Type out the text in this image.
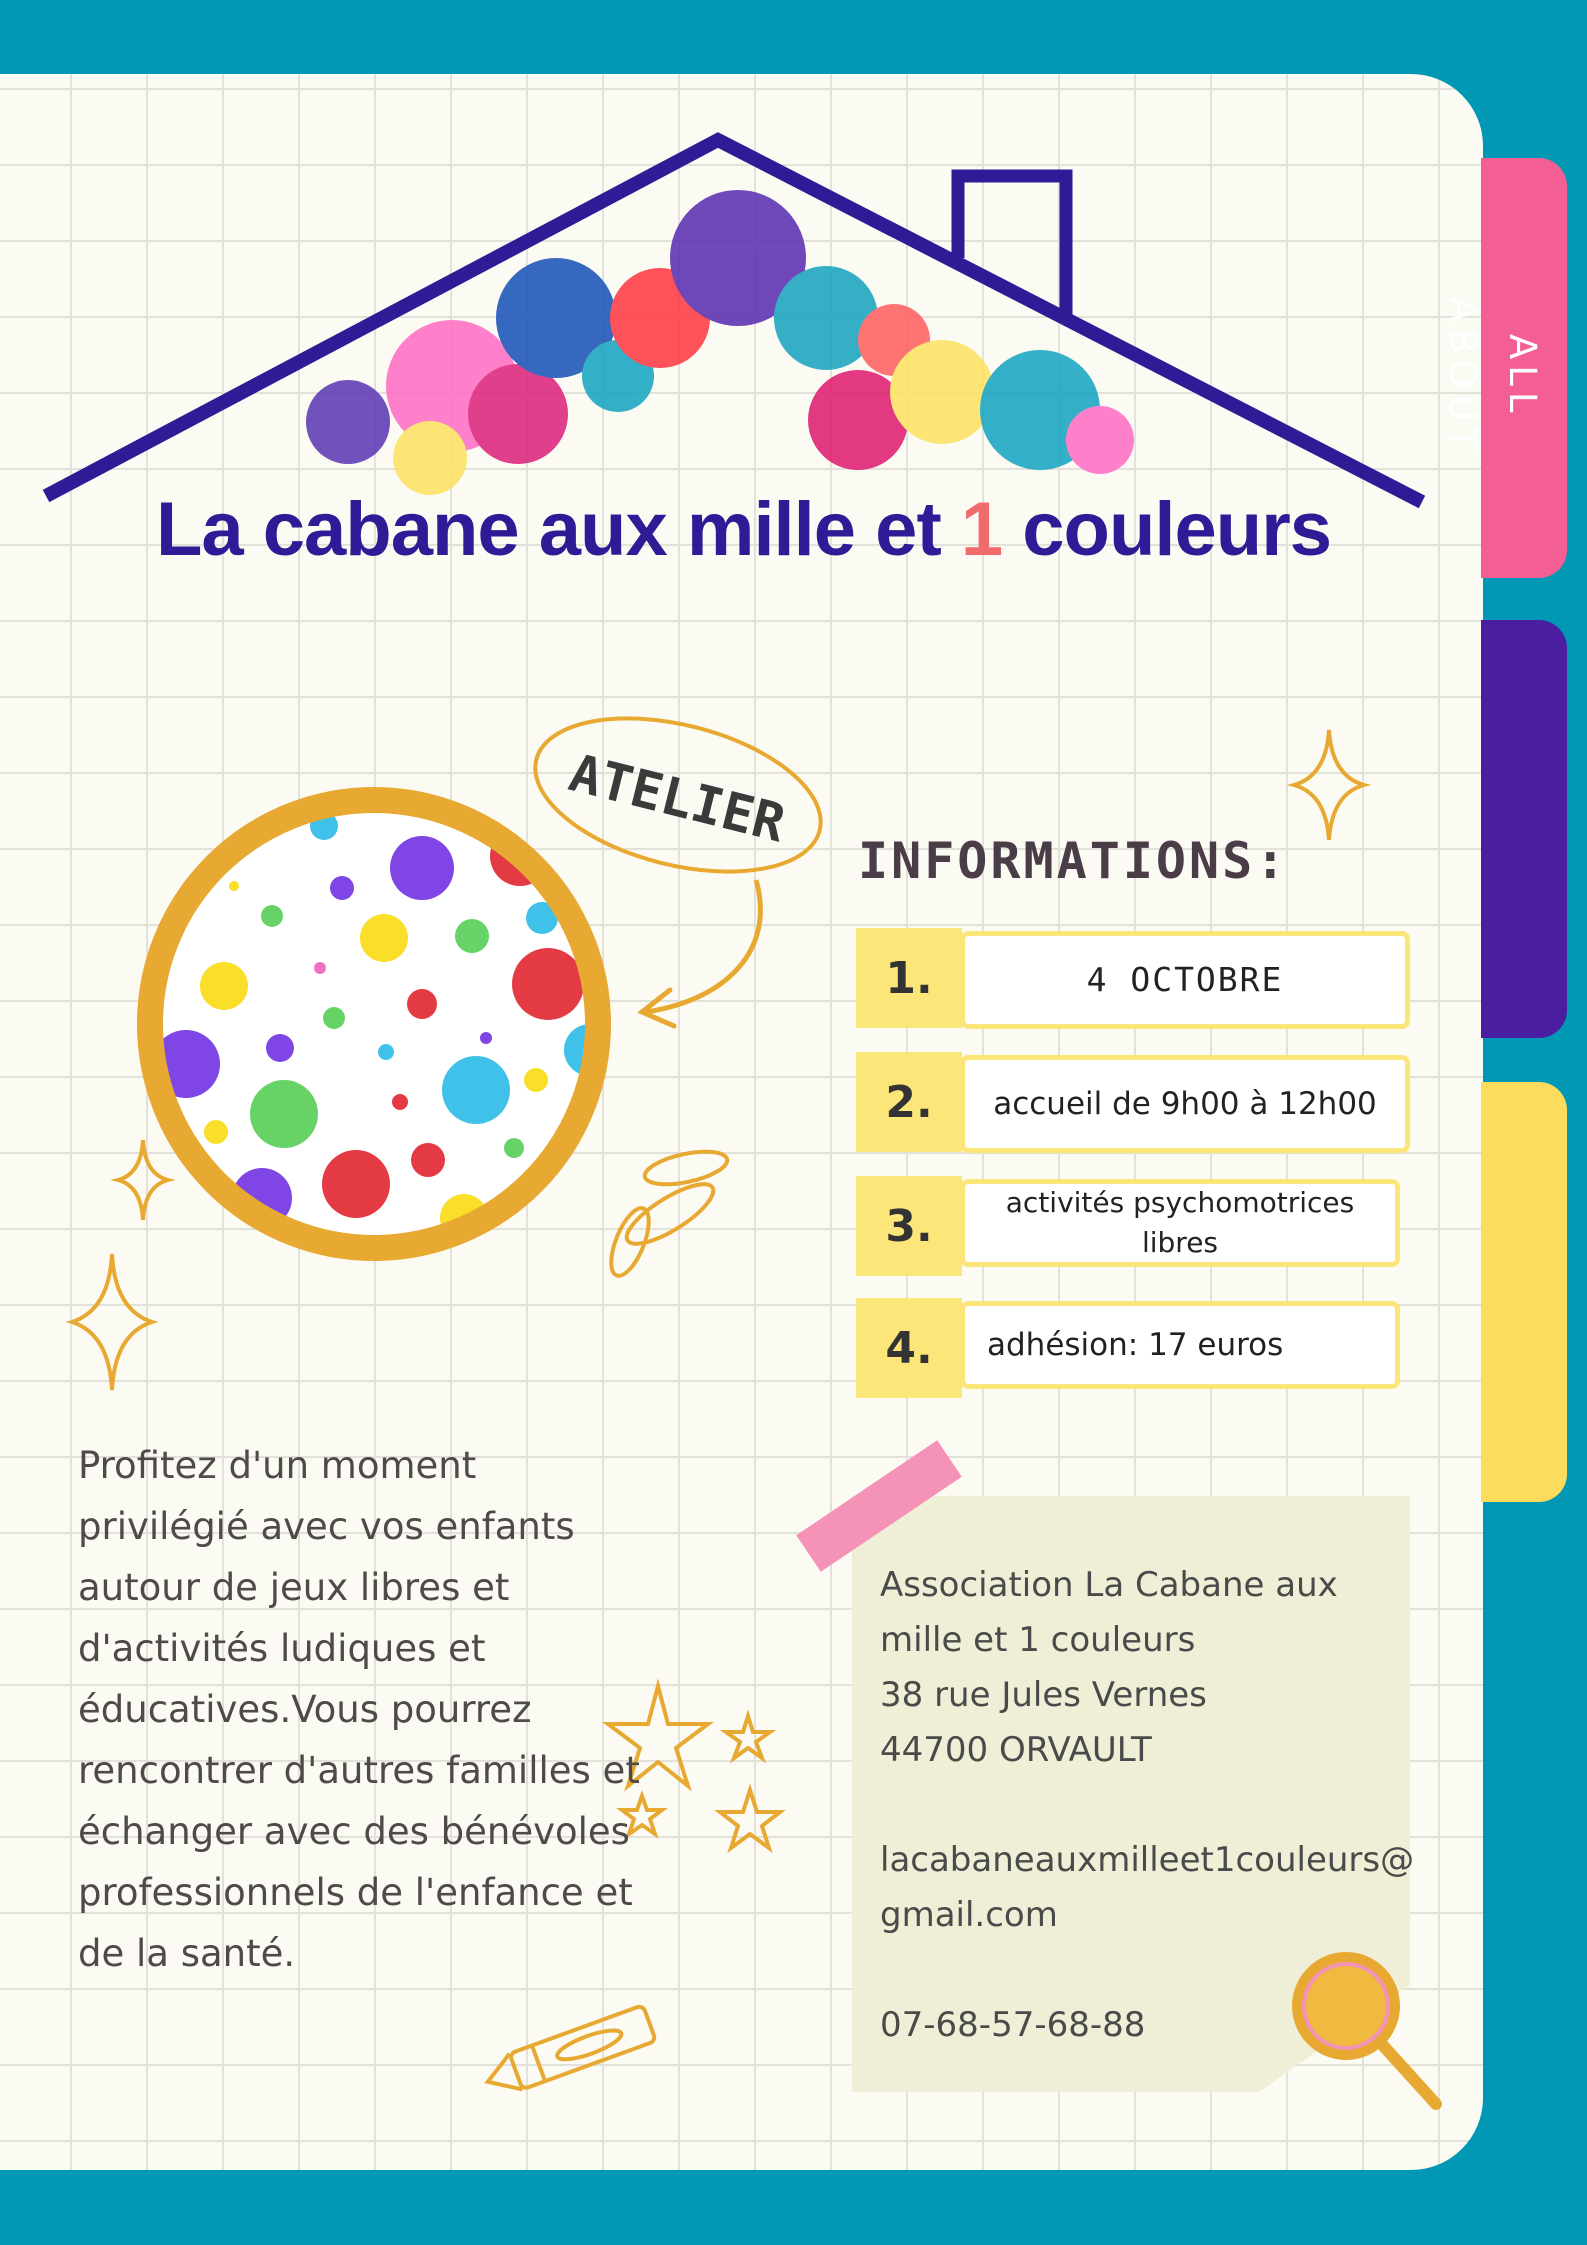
ALL ABOUT
La cabane aux mille et 1 couleurs
ATELIER
INFORMATIONS:
1.	4 OCTOBRE
2.	accueil de 9h00 à 12h00
3.	activités psychomotrices libres
4.	adhésion: 17 euros
Profitez d'un moment privilégié avec vos enfants autour de jeux libres et d'activités ludiques et éducatives.Vous pourrez rencontrer d'autres familles et échanger avec des bénévoles professionnels de l'enfance et de la santé.
Association La Cabane aux
mille et 1 couleurs
38 rue Jules Vernes
44700 ORVAULT
lacabaneauxmilleet1couleurs@
gmail.com
07-68-57-68-88
